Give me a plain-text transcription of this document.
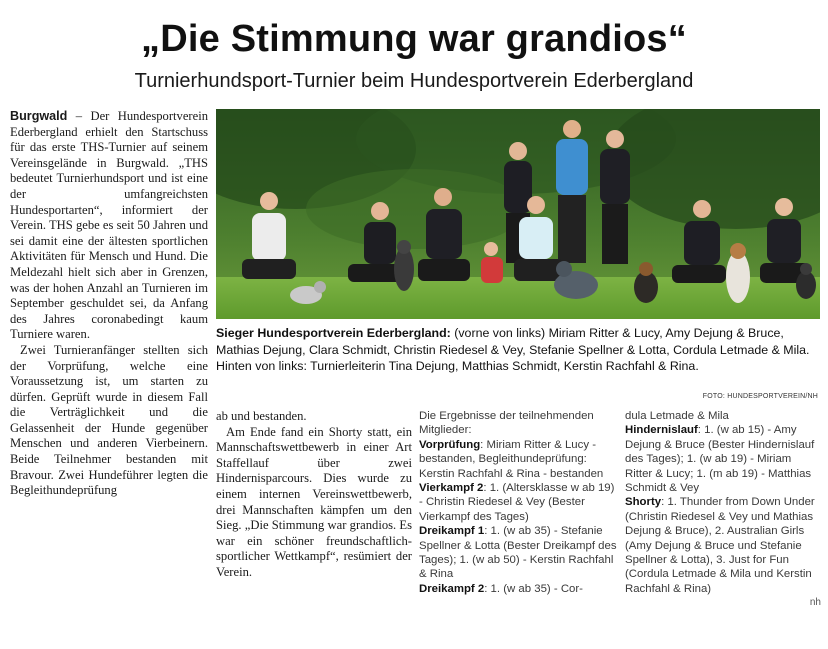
„Die Stimmung war grandios“
Turnierhundsport-Turnier beim Hundesportverein Ederbergland

Burgwald – Der Hundesportverein Ederbergland erhielt den Startschuss für das erste THS-Turnier auf seinem Vereinsgelände in Burgwald. „THS bedeutet Turnierhundsport und ist eine der umfangreichsten Hundesportarten“, informiert der Verein. THS gebe es seit 50 Jahren und sei damit eine der ältesten sportlichen Aktivitäten für Mensch und Hund. Die Meldezahl hielt sich aber in Grenzen, was der hohen Anzahl an Turnieren im September geschuldet sei, da Anfang des Jahres coronabedingt kaum Turniere waren.

Zwei Turnieranfänger stellten sich der Vorprüfung, welche eine Voraussetzung ist, um starten zu dürfen. Geprüft wurde in diesem Fall die Verträglichkeit und die Gelassenheit der Hunde gegenüber Menschen und anderen Vierbeinern. Beide Teilnehmer bestanden mit Bravour. Zwei Hundeführer legten die Begleithundeprüfung

Sieger Hundesportverein Ederbergland: (vorne von links) Miriam Ritter & Lucy, Amy Dejung & Bruce, Mathias Dejung, Clara Schmidt, Christin Riedesel & Vey, Stefanie Spellner & Lotta, Cordula Letmade & Mila. Hinten von links: Turnierleiterin Tina Dejung, Matthias Schmidt, Kerstin Rachfahl & Rina.
FOTO: HUNDESPORTVEREIN/NH

ab und bestanden.

Am Ende fand ein Shorty statt, ein Mannschaftswettbewerb in einer Art Staffellauf über zwei Hindernisparcours. Dies wurde zu einem internen Vereinswettbewerb, drei Mannschaften kämpfen um den Sieg. „Die Stimmung war grandios. Es war ein schöner freundschaftlich-sportlicher Wettkampf“, resümiert der Verein.

Die Ergebnisse der teilnehmenden Mitglieder:
Vorprüfung: Miriam Ritter & Lucy - bestanden, Begleithundeprüfung: Kerstin Rachfahl & Rina - bestanden
Vierkampf 2: 1. (Altersklasse w ab 19) - Christin Riedesel & Vey (Bester Vierkampf des Tages)
Dreikampf 1: 1. (w ab 35) - Stefanie Spellner & Lotta (Bester Dreikampf des Tages); 1. (w ab 50) - Kerstin Rachfahl & Rina
Dreikampf 2: 1. (w ab 35) - Cor-
dula Letmade & Mila
Hindernislauf: 1. (w ab 15) - Amy Dejung & Bruce (Bester Hindernislauf des Tages); 1. (w ab 19) - Miriam Ritter & Lucy; 1. (m ab 19) - Matthias Schmidt & Vey
Shorty: 1. Thunder from Down Under (Christin Riedesel & Vey und Mathias Dejung & Bruce), 2. Australian Girls (Amy Dejung & Bruce und Stefanie Spellner & Lotta), 3. Just for Fun (Cordula Letmade & Mila und Kerstin Rachfahl & Rina)
nh
